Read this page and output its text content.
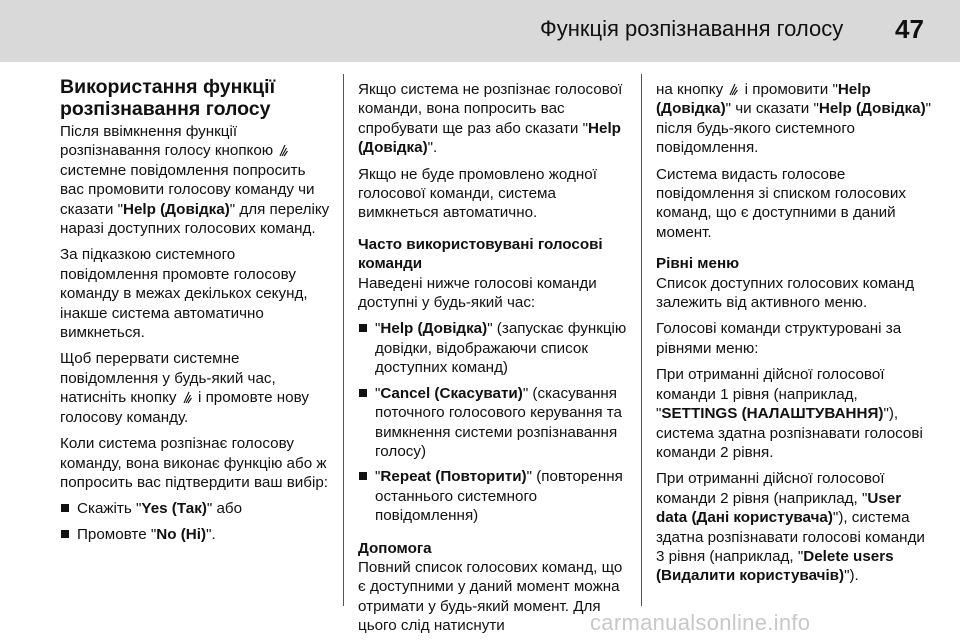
Функція розпізнавання голосу 47
Використання функції розпізнавання голосу

Після ввімкнення функції розпізнавання голосу кнопкою  системне повідомлення попросить вас промовити голосову команду чи сказати "Help (Довідка)" для переліку наразі доступних голосових команд.

За підказкою системного повідомлення промовте голосову команду в межах декількох секунд, інакше система автоматично вимкнеться.

Щоб перервати системне повідомлення у будь-який час, натисніть кнопку і промовте нову голосову команду.

Коли система розпізнає голосову команду, вона виконає функцію або ж попросить вас підтвердити ваш вибір:

Скажіть "Yes (Так)" або
Промовте "No (Ні)".

Якщо система не розпізнає голосової команди, вона попросить вас спробувати ще раз або сказати "Help (Довідка)".

Якщо не буде промовлено жодної голосової команди, система вимкнеться автоматично.

Часто використовувані голосові команди

Наведені нижче голосові команди доступні у будь-який час:

"Help (Довідка)" (запускає функцію довідки, відображаючи список доступних команд)
"Cancel (Скасувати)" (скасування поточного голосового керування та вимкнення системи розпізнавання голосу)
"Repeat (Повторити)" (повторення останнього системного повідомлення)
Допомога

Повний список голосових команд, що є доступними у даний момент можна отримати у будь-який момент. Для цього слід натиснути

на кнопку і промовити "Help (Довідка)" чи сказати "Help (Довідка)" після будь-якого системного повідомлення.

Система видасть голосове повідомлення зі списком голосових команд, що є доступними в даний момент.

Рівні меню

Список доступних голосових команд залежить від активного меню.

Голосові команди структуровані за рівнями меню:

При отриманні дійсної голосової команди 1 рівня (наприклад, "SETTINGS (НАЛАШТУВАННЯ)"), система здатна розпізнавати голосові команди 2 рівня.

При отриманні дійсної голосової команди 2 рівня (наприклад, "User data (Дані користувача)"), система здатна розпізнавати голосові команди 3 рівня (наприклад, "Delete users (Видалити користувачів)").

carmanualsonline.info
